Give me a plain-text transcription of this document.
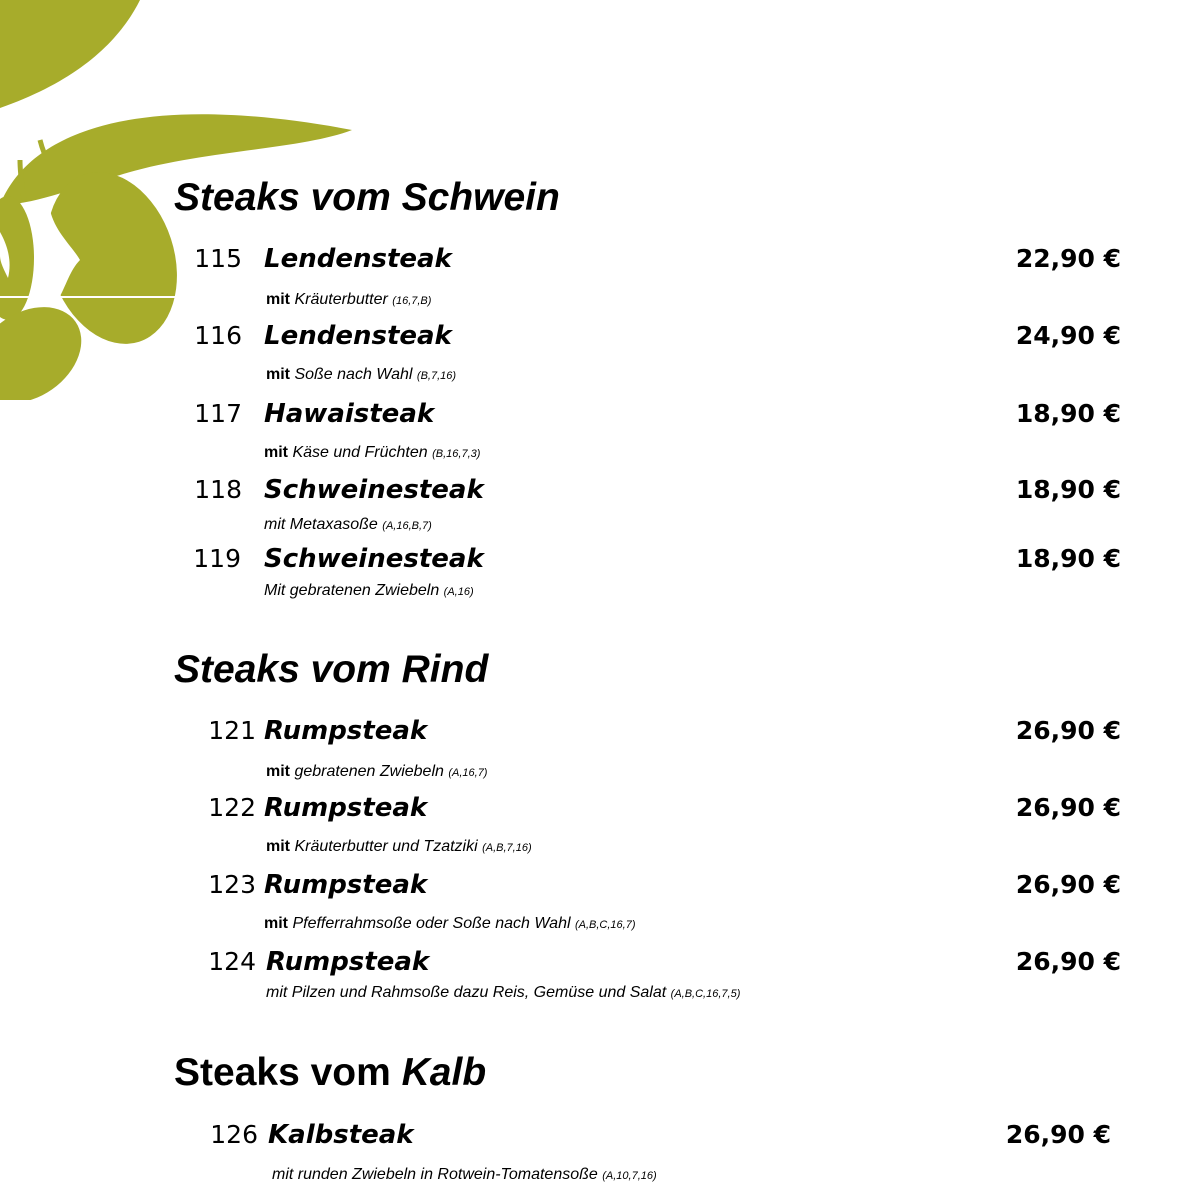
Steaks vom Schwein
115 Lendensteak	22,90 €
mit Kräuterbutter (16,7,B)
116 Lendensteak	24,90 €
mit Soße nach Wahl (B,7,16)
117 Hawaisteak	18,90 €
mit Käse und Früchten (B,16,7,3)
118 Schweinesteak	18,90 €
mit Metaxasoße (A,16,B,7)
119 Schweinesteak	18,90 €
Mit gebratenen Zwiebeln (A,16)
Steaks vom Rind
121 Rumpsteak	26,90 €
mit gebratenen Zwiebeln (A,16,7)
122 Rumpsteak	26,90 €
mit Kräuterbutter und Tzatziki (A,B,7,16)
123 Rumpsteak	26,90 €
mit Pfefferrahmsoße oder Soße nach Wahl (A,B,C,16,7)
124 Rumpsteak	26,90 €
mit Pilzen und Rahmsoße dazu Reis, Gemüse und Salat (A,B,C,16,7,5)
Steaks vom Kalb
126 Kalbsteak	26,90 €
mit runden Zwiebeln in Rotwein-Tomatensoße (A,10,7,16)
